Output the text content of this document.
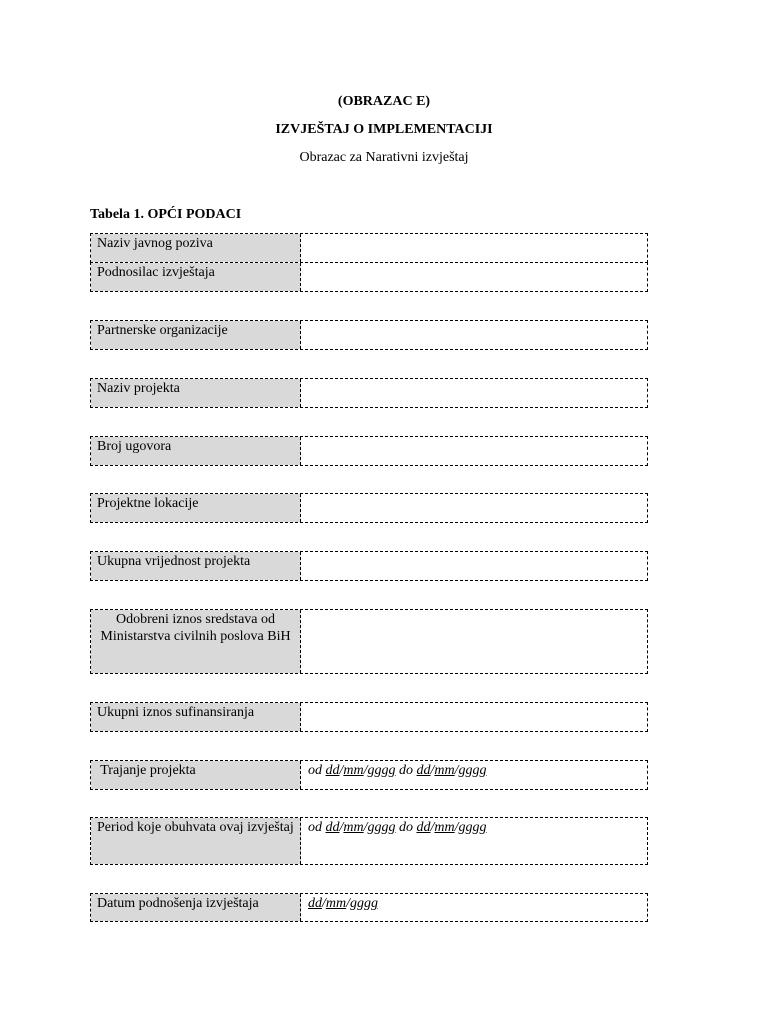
(OBRAZAC E)
IZVJEŠTAJ O IMPLEMENTACIJI
Obrazac za Narativni izvještaj
Tabela 1. OPĆI PODACI
Naziv javnog poziva
Podnosilac izvještaja
Partnerske organizacije
Naziv projekta
Broj ugovora
Projektne lokacije
Ukupna vrijednost projekta
Odobreni iznos sredstava od Ministarstva civilnih poslova BiH
Ukupni iznos sufinansiranja
Trajanje projekta	od dd/mm/gggg do dd/mm/gggg
Period koje obuhvata ovaj izvještaj	od dd/mm/gggg do dd/mm/gggg
Datum podnošenja izvještaja	dd/mm/gggg
